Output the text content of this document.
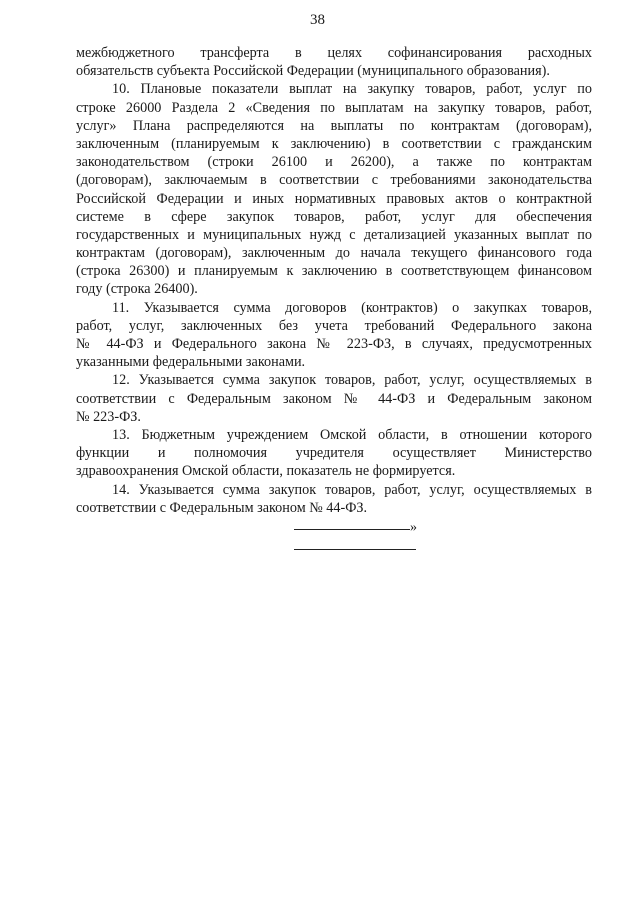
38
межбюджетного трансферта в целях софинансирования расходных
обязательств субъекта Российской Федерации (муниципального образования).
10. Плановые показатели выплат на закупку товаров, работ, услуг по
строке 26000 Раздела 2 «Сведения по выплатам на закупку товаров, работ,
услуг» Плана распределяются на выплаты по контрактам (договорам),
заключенным (планируемым к заключению) в соответствии с гражданским
законодательством (строки 26100 и 26200), а также по контрактам
(договорам), заключаемым в соответствии с требованиями законодательства
Российской Федерации и иных нормативных правовых актов о контрактной
системе в сфере закупок товаров, работ, услуг для обеспечения
государственных и муниципальных нужд с детализацией указанных выплат по
контрактам (договорам), заключенным до начала текущего финансового года
(строка 26300) и планируемым к заключению в соответствующем финансовом
году (строка 26400).
11. Указывается сумма договоров (контрактов) о закупках товаров,
работ, услуг, заключенных без учета требований Федерального закона
№ 44-ФЗ и Федерального закона № 223-ФЗ, в случаях, предусмотренных
указанными федеральными законами.
12. Указывается сумма закупок товаров, работ, услуг, осуществляемых в
соответствии с Федеральным законом № 44-ФЗ и Федеральным законом
№ 223-ФЗ.
13. Бюджетным учреждением Омской области, в отношении которого
функции и полномочия учредителя осуществляет Министерство
здравоохранения Омской области, показатель не формируется.
14. Указывается сумма закупок товаров, работ, услуг, осуществляемых в
соответствии с Федеральным законом № 44-ФЗ.
»
